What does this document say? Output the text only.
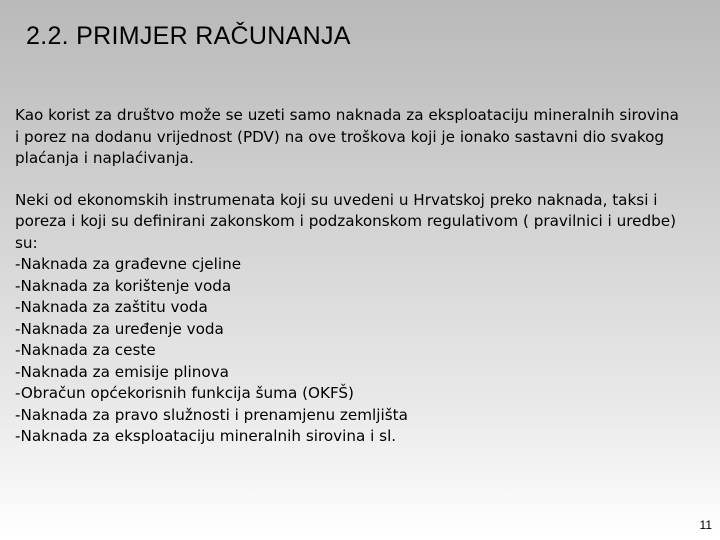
2.2. PRIMJER RAČUNANJA

Kao korist za društvo može se uzeti samo naknada za eksploataciju mineralnih sirovina
i porez na dodanu vrijednost (PDV) na ove troškova koji je ionako sastavni dio svakog
plaćanja i naplaćivanja.

Neki od ekonomskih instrumenata koji su uvedeni u Hrvatskoj preko naknada, taksi i
poreza i koji su definirani zakonskom i podzakonskom regulativom ( pravilnici i uredbe)
su:

-Naknada za građevne cjeline
-Naknada za korištenje voda
-Naknada za zaštitu voda
-Naknada za uređenje voda
-Naknada za ceste
-Naknada za emisije plinova
-Obračun općekorisnih funkcija šuma (OKFŠ)
-Naknada za pravo služnosti i prenamjenu zemljišta
-Naknada za eksploataciju mineralnih sirovina i sl.
11
